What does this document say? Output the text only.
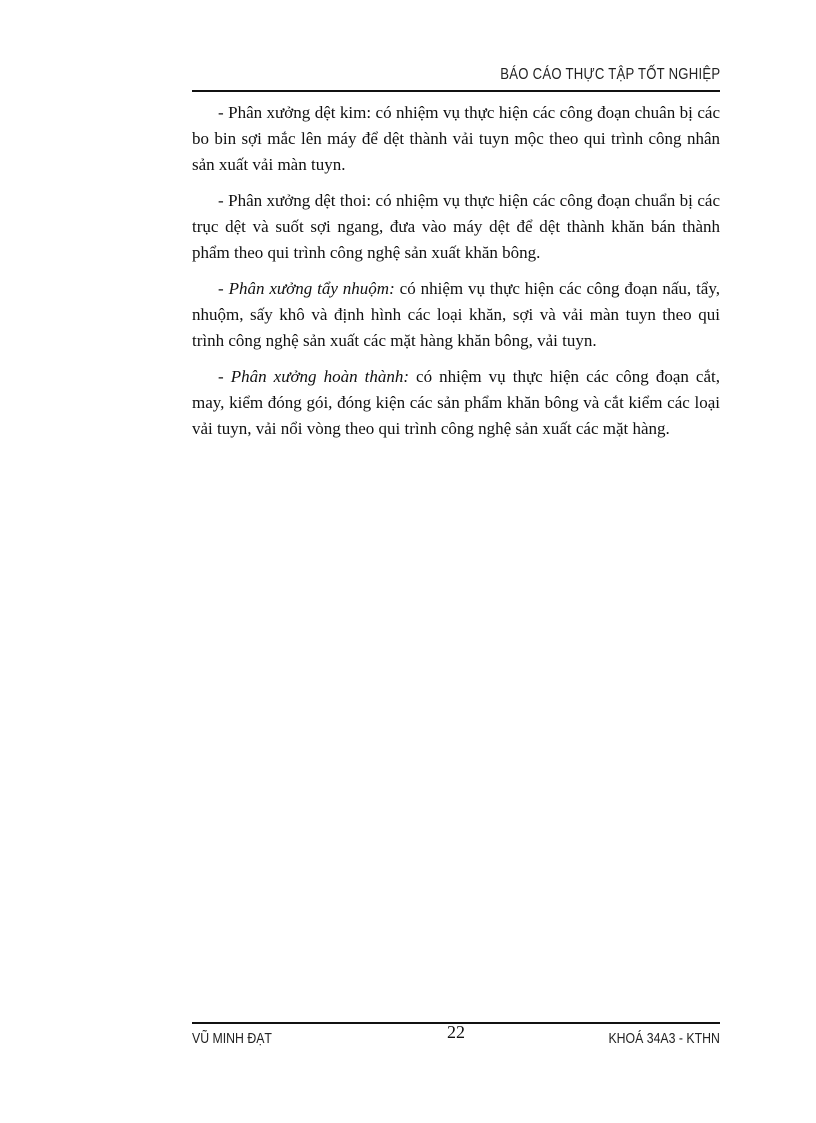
BÁO CÁO THỰC TẬP TỐT NGHIỆP

- Phân xưởng dệt kim: có nhiệm vụ thực hiện các công đoạn chuân bị các bo bin sợi mắc lên máy để dệt thành vải tuyn mộc theo qui trình công nhân sản xuất vải màn tuyn.

- Phân xưởng dệt thoi: có nhiệm vụ thực hiện các công đoạn chuẩn bị các trục dệt và suốt sợi ngang, đưa vào máy dệt để dệt thành khăn bán thành phẩm theo qui trình công nghệ sản xuất khăn bông.

- Phân xưởng tẩy nhuộm: có nhiệm vụ thực hiện các công đoạn nấu, tẩy, nhuộm, sấy khô và định hình các loại khăn, sợi và vải màn tuyn theo qui trình công nghệ sản xuất các mặt hàng khăn bông, vải tuyn.

- Phân xưởng hoàn thành: có nhiệm vụ thực hiện các công đoạn cắt, may, kiểm đóng gói, đóng kiện các sản phẩm khăn bông và cắt kiểm các loại vải tuyn, vải nổi vòng theo qui trình công nghệ sản xuất các mặt hàng.

VŨ MINH ĐẠT	22	KHOÁ 34A3 - KTHN
